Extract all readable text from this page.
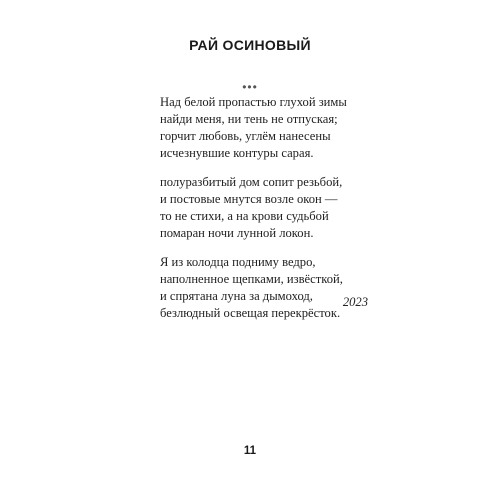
РАЙ ОСИНОВЫЙ
•••
Над белой пропастью глухой зимы
найди меня, ни тень не отпуская;
горчит любовь, углём нанесены
исчезнувшие контуры сарая.
полуразбитый дом сопит резьбой,
и постовые мнутся возле окон —
то не стихи, а на крови судьбой
помаран ночи лунной локон.
Я из колодца подниму ведро,
наполненное щепками, извёсткой,
и спрятана луна за дымоход,
безлюдный освещая перекрёсток.
2023
11
